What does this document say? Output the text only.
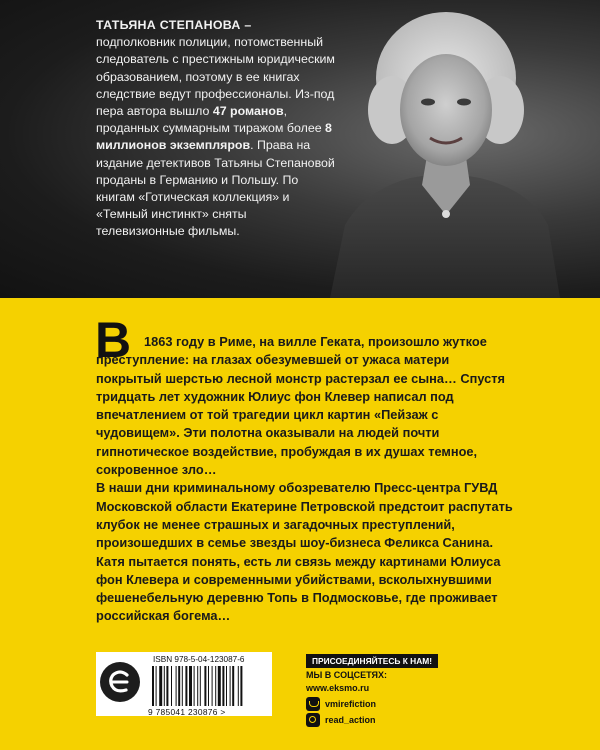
ТАТЬЯНА СТЕПАНОВА –
подполковник полиции, потомственный следователь с престижным юридическим образованием, поэтому в ее книгах следствие ведут профессионалы. Из-под пера автора вышло 47 романов, проданных суммарным тиражом более 8 миллионов экземпляров. Права на издание детективов Татьяны Степановой проданы в Германию и Польшу. По книгам «Готическая коллекция» и «Темный инстинкт» сняты телевизионные фильмы.

В	1863 году в Риме, на вилле Геката, произошло жуткое преступление: на глазах обезумевшей от ужаса матери покрытый шерстью лесной монстр растерзал ее сына… Спустя тридцать лет художник Юлиус фон Клевер написал под впечатлением от той трагедии цикл картин «Пейзаж с чудовищем». Эти полотна оказывали на людей почти гипнотическое воздействие, пробуждая в их душах темное, сокровенное зло…

В наши дни криминальному обозревателю Пресс-центра ГУВД Московской области Екатерине Петровской предстоит распутать клубок не менее страшных и загадочных преступлений, произошедших в семье звезды шоу-бизнеса Феликса Санина.

Катя пытается понять, есть ли связь между картинами Юлиуса фон Клевера и современными убийствами, всколыхнувшими фешенебельную деревню Топь в Подмосковье, где проживает российская богема…

ISBN 978-5-04-123087-6
9 785041 230876 >
ПРИСОЕДИНЯЙТЕСЬ К НАМ!
МЫ В СОЦСЕТЯХ:
www.eksmo.ru
vmirefiction
read_action
